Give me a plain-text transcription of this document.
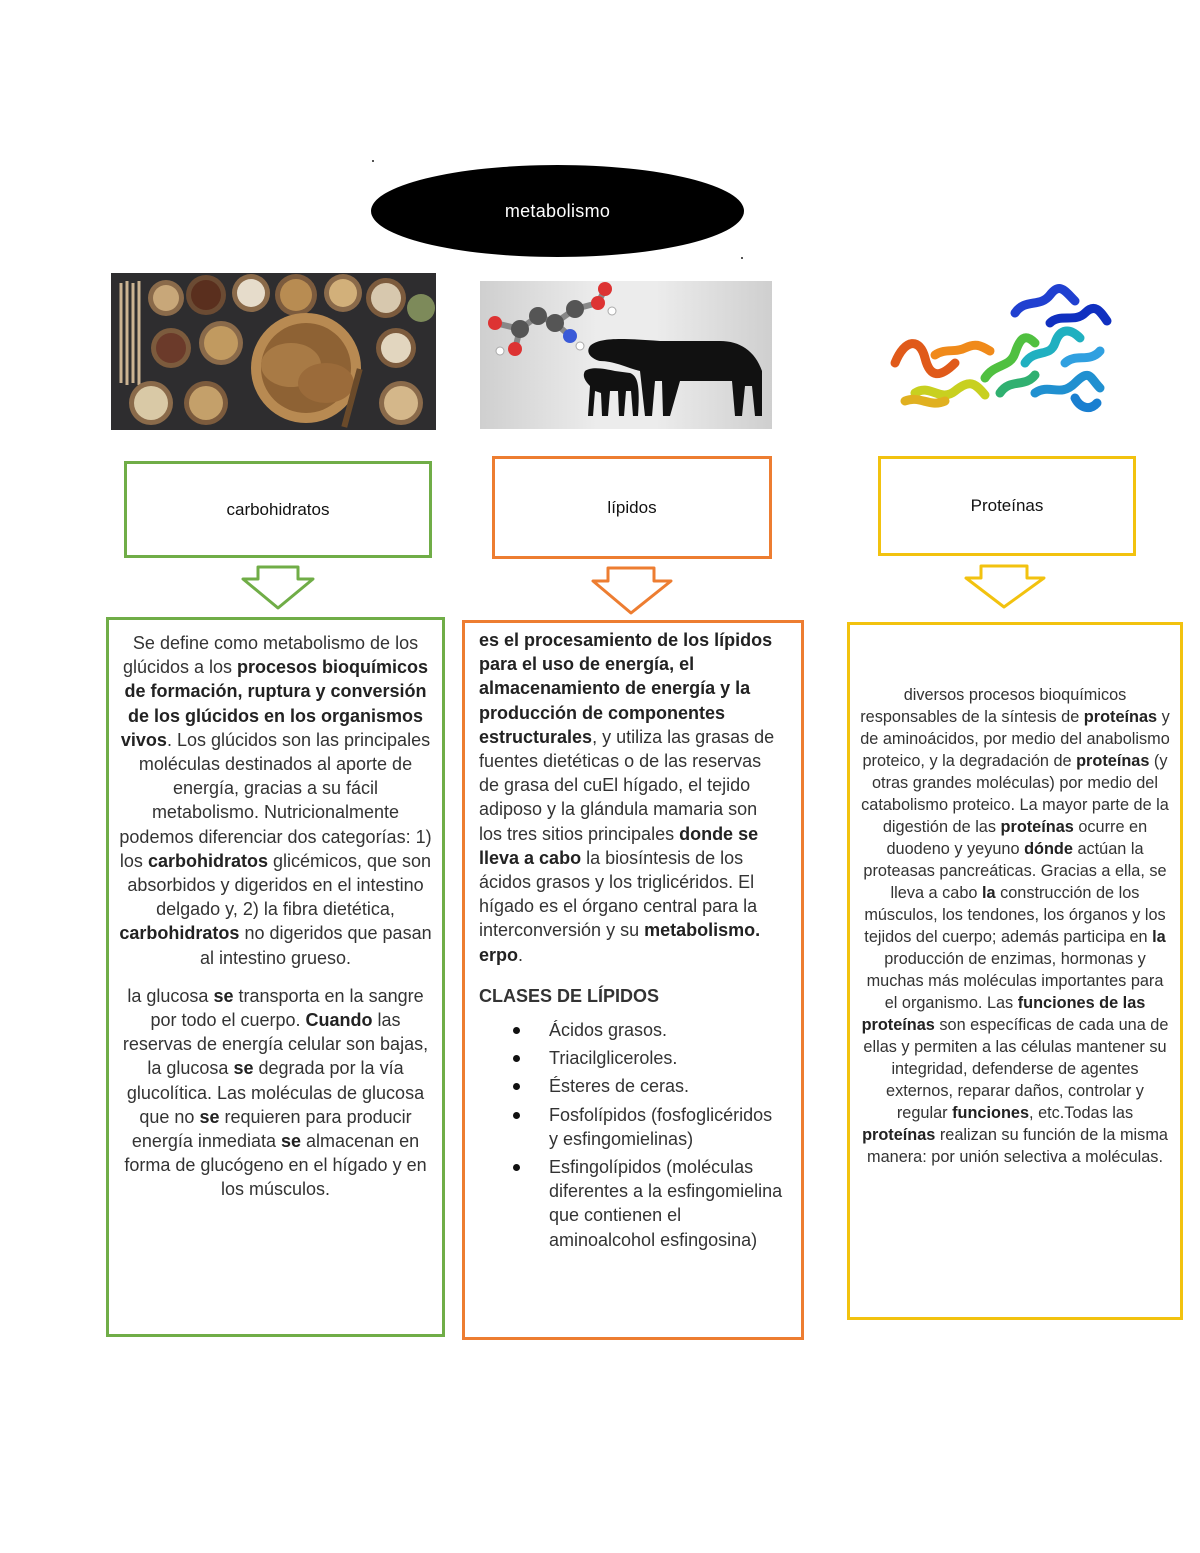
metabolismo
carbohidratos	lípidos	Proteínas

Se define como metabolismo de los glúcidos a los procesos bioquímicos de formación, ruptura y conversión de los glúcidos en los organismos vivos. Los glúcidos son las principales moléculas destinados al aporte de energía, gracias a su fácil metabolismo. Nutricionalmente podemos diferenciar dos categorías: 1) los carbohidratos glicémicos, que son absorbidos y digeridos en el intestino delgado y, 2) la fibra dietética, carbohidratos no digeridos que pasan al intestino grueso.

la glucosa se transporta en la sangre por todo el cuerpo. Cuando las reservas de energía celular son bajas, la glucosa se degrada por la vía glucolítica. Las moléculas de glucosa que no se requieren para producir energía inmediata se almacenan en forma de glucógeno en el hígado y en los músculos.

es el procesamiento de los lípidos para el uso de energía, el almacenamiento de energía y la producción de componentes estructurales, y utiliza las grasas de fuentes dietéticas o de las reservas de grasa del cuEl hígado, el tejido adiposo y la glándula mamaria son los tres sitios principales donde se lleva a cabo la biosíntesis de los ácidos grasos y los triglicéridos. El hígado es el órgano central para la interconversión y su metabolismo. erpo.

CLASES DE LÍPIDOS

Ácidos grasos.
Triacilgliceroles.
Ésteres de ceras.
Fosfolípidos (fosfoglicéridos y esfingomielinas)
Esfingolípidos (moléculas diferentes a la esfingomielina que contienen el aminoalcohol esfingosina)

diversos procesos bioquímicos responsables de la síntesis de proteínas y de aminoácidos, por medio del anabolismo proteico, y la degradación de proteínas (y otras grandes moléculas) por medio del catabolismo proteico. La mayor parte de la digestión de las proteínas ocurre en duodeno y yeyuno dónde actúan la proteasas pancreáticas. Gracias a ella, se lleva a cabo la construcción de los músculos, los tendones, los órganos y los tejidos del cuerpo; además participa en la producción de enzimas, hormonas y muchas más moléculas importantes para el organismo. Las funciones de las proteínas son específicas de cada una de ellas y permiten a las células mantener su integridad, defenderse de agentes externos, reparar daños, controlar y regular funciones, etc.Todas las proteínas realizan su función de la misma manera: por unión selectiva a moléculas.
